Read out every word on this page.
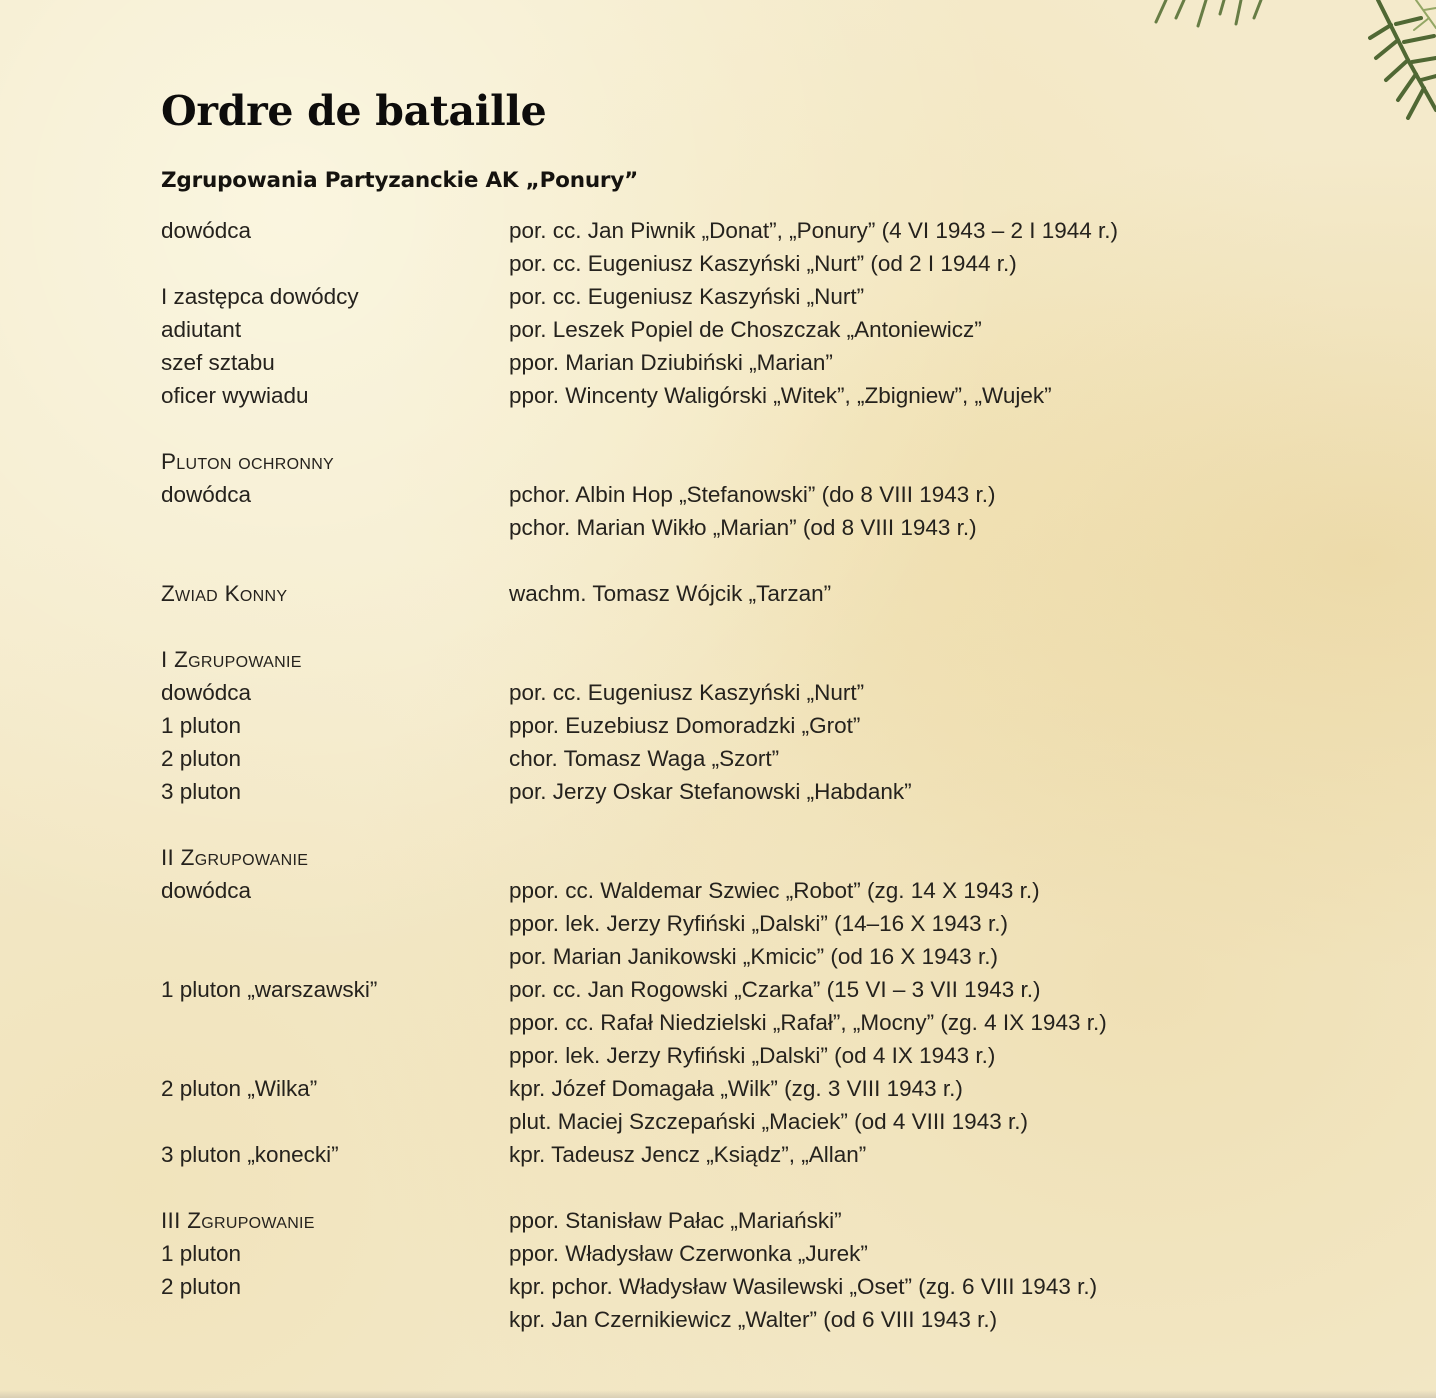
Ordre de bataille
Zgrupowania Partyzanckie AK „Ponury”
dowódca	por. cc. Jan Piwnik „Donat”, „Ponury” (4 VI 1943 – 2 I 1944 r.)
por. cc. Eugeniusz Kaszyński „Nurt” (od 2 I 1944 r.)
I zastępca dowódcy	por. cc. Eugeniusz Kaszyński „Nurt”
adiutant	por. Leszek Popiel de Choszczak „Antoniewicz”
szef sztabu	ppor. Marian Dziubiński „Marian”
oficer wywiadu	ppor. Wincenty Waligórski „Witek”, „Zbigniew”, „Wujek”
Pluton ochronny
dowódca	pchor. Albin Hop „Stefanowski” (do 8 VIII 1943 r.)
pchor. Marian Wikło „Marian” (od 8 VIII 1943 r.)
Zwiad Konny	wachm. Tomasz Wójcik „Tarzan”
I Zgrupowanie
dowódca	por. cc. Eugeniusz Kaszyński „Nurt”
1 pluton	ppor. Euzebiusz Domoradzki „Grot”
2 pluton	chor. Tomasz Waga „Szort”
3 pluton	por. Jerzy Oskar Stefanowski „Habdank”
II Zgrupowanie
dowódca	ppor. cc. Waldemar Szwiec „Robot” (zg. 14 X 1943 r.)
ppor. lek. Jerzy Ryfiński „Dalski” (14–16 X 1943 r.)
por. Marian Janikowski „Kmicic” (od 16 X 1943 r.)
1 pluton „warszawski”	por. cc. Jan Rogowski „Czarka” (15 VI – 3 VII 1943 r.)
ppor. cc. Rafał Niedzielski „Rafał”, „Mocny” (zg. 4 IX 1943 r.)
ppor. lek. Jerzy Ryfiński „Dalski” (od 4 IX 1943 r.)
2 pluton „Wilka”	kpr. Józef Domagała „Wilk” (zg. 3 VIII 1943 r.)
plut. Maciej Szczepański „Maciek” (od 4 VIII 1943 r.)
3 pluton „konecki”	kpr. Tadeusz Jencz „Ksiądz”, „Allan”
III Zgrupowanie	ppor. Stanisław Pałac „Mariański”
1 pluton	ppor. Władysław Czerwonka „Jurek”
2 pluton	kpr. pchor. Władysław Wasilewski „Oset” (zg. 6 VIII 1943 r.)
kpr. Jan Czernikiewicz „Walter” (od 6 VIII 1943 r.)
